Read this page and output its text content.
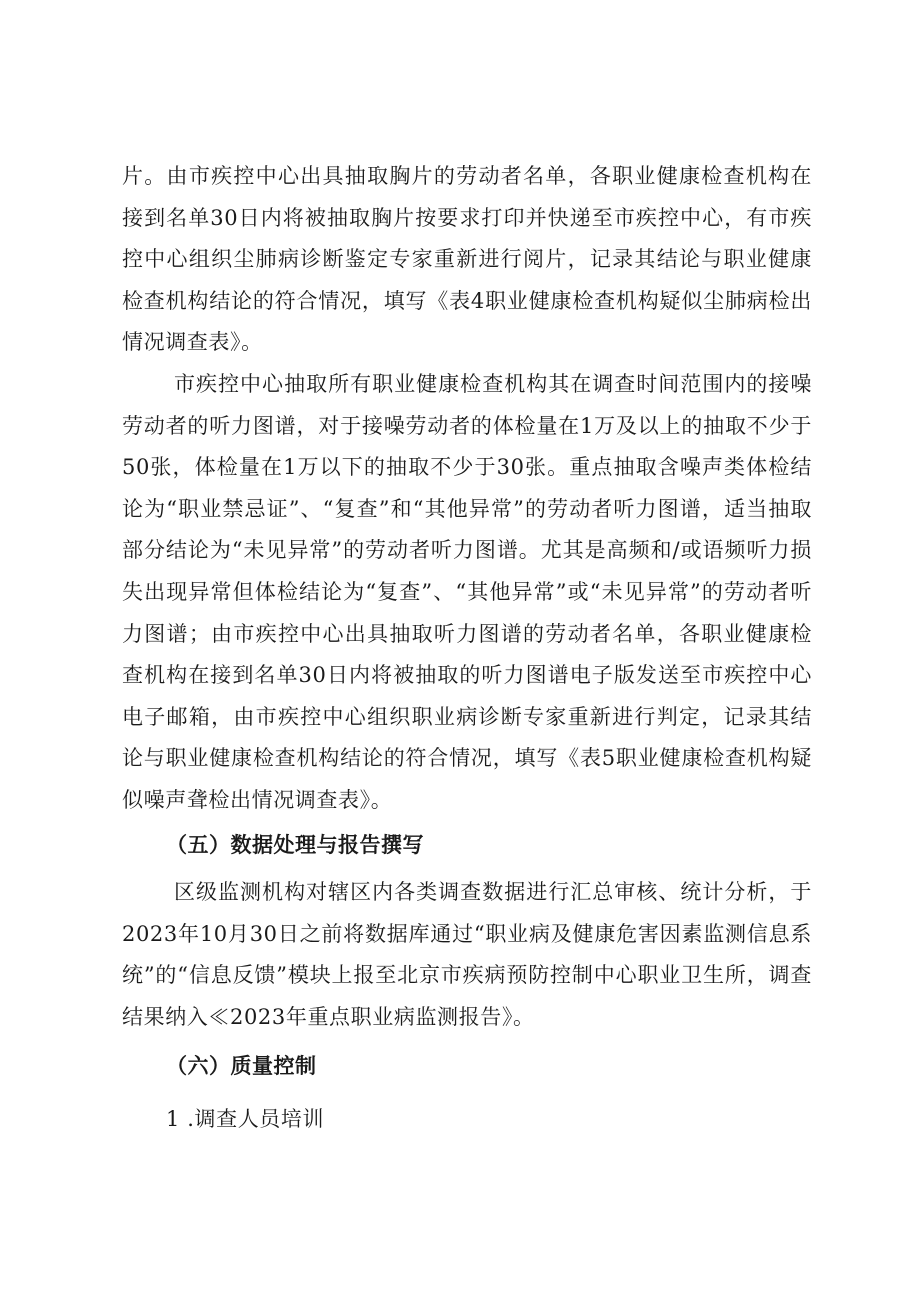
片。由市疾控中心出具抽取胸片的劳动者名单，各职业健康检查机构在接到名单30日内将被抽取胸片按要求打印并快递至市疾控中心，有市疾控中心组织尘肺病诊断鉴定专家重新进行阅片，记录其结论与职业健康检查机构结论的符合情况，填写《表4职业健康检查机构疑似尘肺病检出情况调查表》。

市疾控中心抽取所有职业健康检查机构其在调查时间范围内的接噪劳动者的听力图谱，对于接噪劳动者的体检量在1万及以上的抽取不少于50张，体检量在1万以下的抽取不少于30张。重点抽取含噪声类体检结论为“职业禁忌证”、“复查”和“其他异常”的劳动者听力图谱，适当抽取部分结论为“未见异常”的劳动者听力图谱。尤其是高频和/或语频听力损失出现异常但体检结论为“复查”、“其他异常”或“未见异常”的劳动者听力图谱；由市疾控中心出具抽取听力图谱的劳动者名单，各职业健康检查机构在接到名单30日内将被抽取的听力图谱电子版发送至市疾控中心电子邮箱，由市疾控中心组织职业病诊断专家重新进行判定，记录其结论与职业健康检查机构结论的符合情况，填写《表5职业健康检查机构疑似噪声聋检出情况调查表》。

（五）数据处理与报告撰写

区级监测机构对辖区内各类调查数据进行汇总审核、统计分析，于2023年10月30日之前将数据库通过“职业病及健康危害因素监测信息系统”的“信息反馈”模块上报至北京市疾病预防控制中心职业卫生所，调查结果纳入≪2023年重点职业病监测报告》。

（六）质量控制

1 .调查人员培训
